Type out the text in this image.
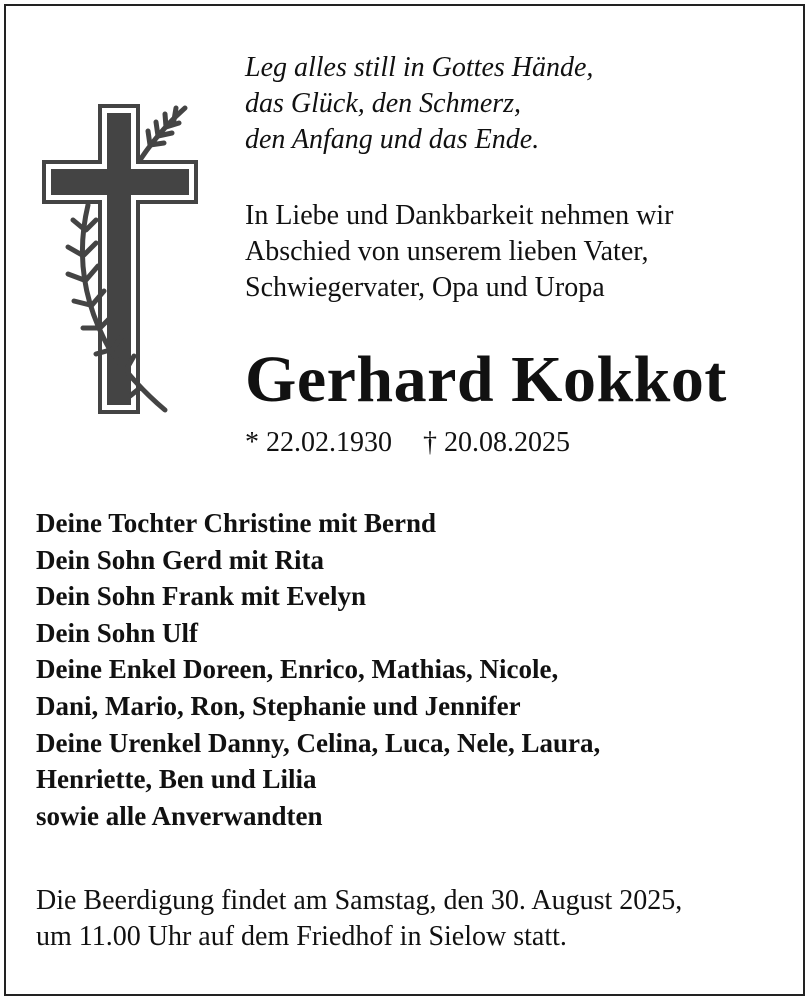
Leg alles still in Gottes Hände,
das Glück, den Schmerz,
den Anfang und das Ende.
In Liebe und Dankbarkeit nehmen wir
Abschied von unserem lieben Vater,
Schwiegervater, Opa und Uropa
Gerhard Kokkot
* 22.02.1930 † 20.08.2025
Deine Tochter Christine mit Bernd
Dein Sohn Gerd mit Rita
Dein Sohn Frank mit Evelyn
Dein Sohn Ulf
Deine Enkel Doreen, Enrico, Mathias, Nicole,
Dani, Mario, Ron, Stephanie und Jennifer
Deine Urenkel Danny, Celina, Luca, Nele, Laura,
Henriette, Ben und Lilia
sowie alle Anverwandten
Die Beerdigung findet am Samstag, den 30. August 2025,
um 11.00 Uhr auf dem Friedhof in Sielow statt.
